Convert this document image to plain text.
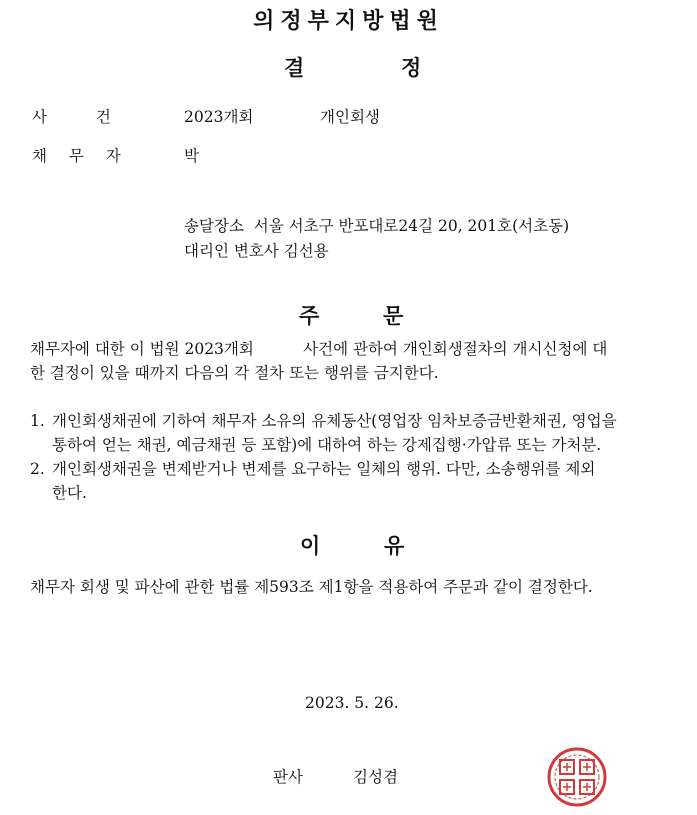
의정부지방법원
결	정
사 건	2023개회	개인회생
채 무 자	박
송달장소  서울 서초구 반포대로24길 20, 201호(서초동)
대리인 변호사 김선용
주	문
채무자에 대한 이 법원 2023개회          사건에 관하여 개인회생절차의 개시신청에 대
한 결정이 있을 때까지 다음의 각 절차 또는 행위를 금지한다.
1. 개인회생채권에 기하여 채무자 소유의 유체동산(영업장 임차보증금반환채권, 영업을
통하여 얻는 채권, 예금채권 등 포함)에 대하여 하는 강제집행·가압류 또는 가처분.
2. 개인회생채권을 변제받거나 변제를 요구하는 일체의 행위. 다만, 소송행위를 제외
한다.
이	유
채무자 회생 및 파산에 관한 법률 제593조 제1항을 적용하여 주문과 같이 결정한다.
2023. 5. 26.
판사	김성겸
